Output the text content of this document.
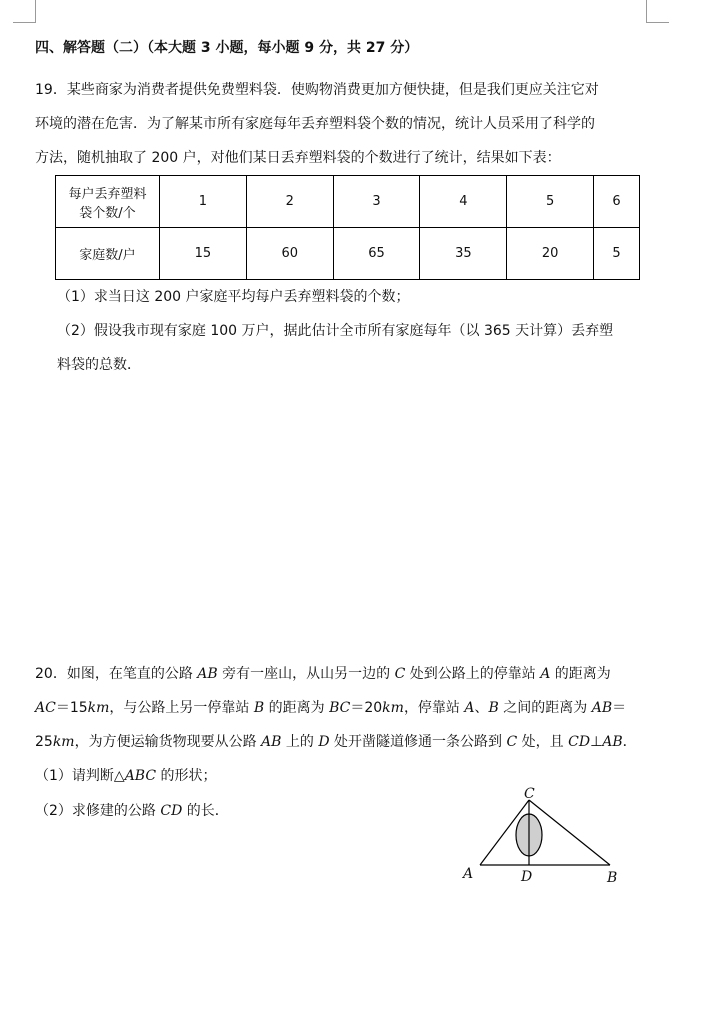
四、解答题（二）（本大题 3 小题，每小题 9 分，共 27 分）
19．某些商家为消费者提供免费塑料袋．使购物消费更加方便快捷，但是我们更应关注它对
环境的潜在危害．为了解某市所有家庭每年丢弃塑料袋个数的情况，统计人员采用了科学的
方法，随机抽取了 200 户，对他们某日丢弃塑料袋的个数进行了统计，结果如下表：
每户丢弃塑料
袋个数/个	1	2	3	4	5	6
家庭数/户	15	60	65	35	20	5
（1）求当日这 200 户家庭平均每户丢弃塑料袋的个数；
（2）假设我市现有家庭 100 万户，据此估计全市所有家庭每年（以 365 天计算）丢弃塑
料袋的总数．
20．如图，在笔直的公路 AB 旁有一座山，从山另一边的 C 处到公路上的停靠站 A 的距离为
AC＝15km，与公路上另一停靠站 B 的距离为 BC＝20km，停靠站 A、B 之间的距离为 AB＝
25km，为方便运输货物现要从公路 AB 上的 D 处开凿隧道修通一条公路到 C 处，且 CD⊥AB．
（1）请判断△ABC 的形状；
（2）求修建的公路 CD 的长．
C
A	D	B
